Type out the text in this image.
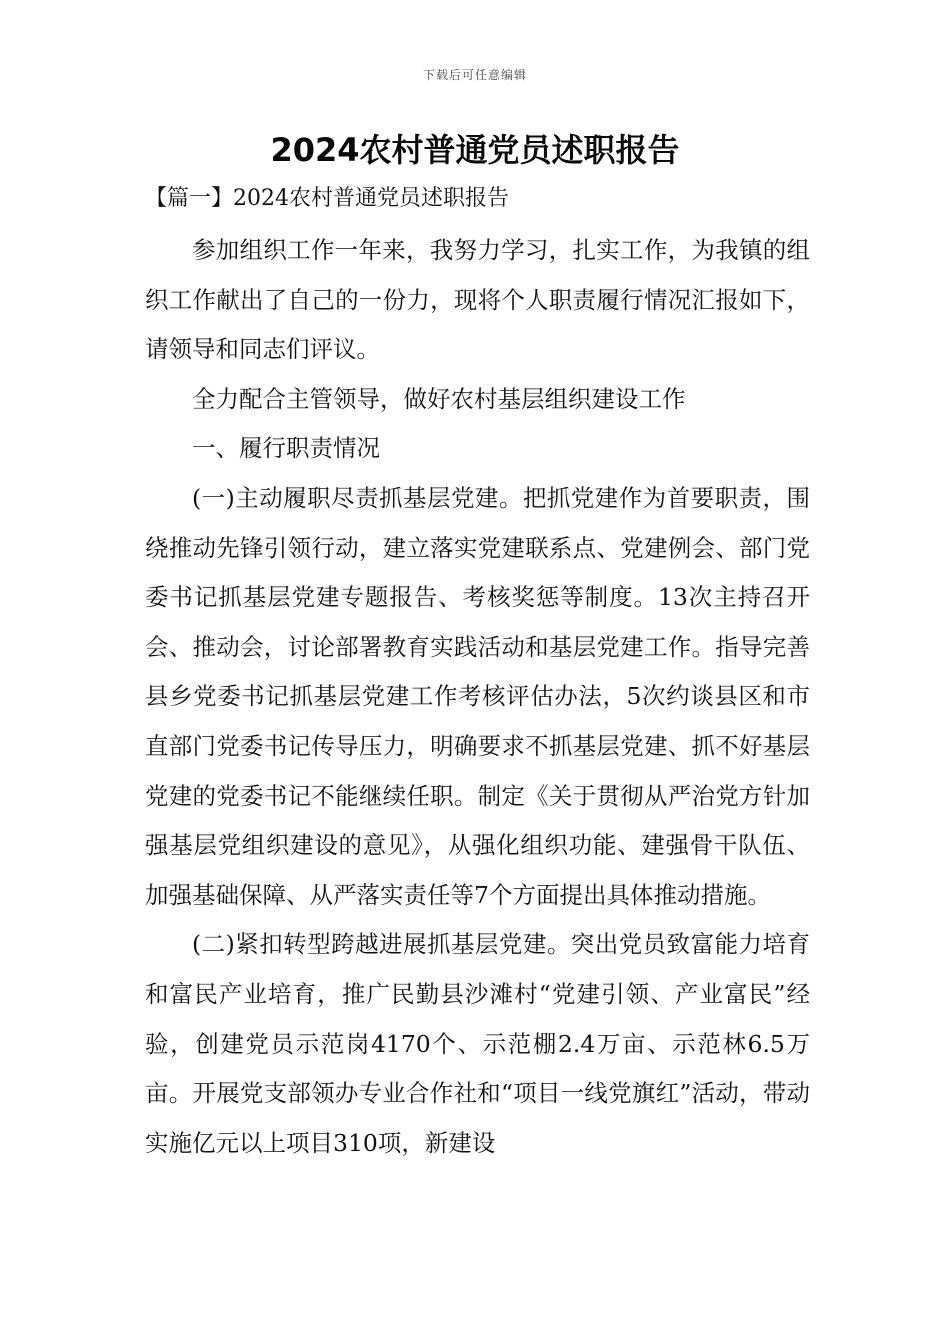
下载后可任意编辑
2024农村普通党员述职报告
【篇一】2024农村普通党员述职报告

参加组织工作一年来，我努力学习，扎实工作，为我镇的组织工作献出了自己的一份力，现将个人职责履行情况汇报如下，请领导和同志们评议。

全力配合主管领导，做好农村基层组织建设工作

一、履行职责情况

(一)主动履职尽责抓基层党建。把抓党建作为首要职责，围绕推动先锋引领行动，建立落实党建联系点、党建例会、部门党委书记抓基层党建专题报告、考核奖惩等制度。13次主持召开会、推动会，讨论部署教育实践活动和基层党建工作。指导完善县乡党委书记抓基层党建工作考核评估办法，5次约谈县区和市直部门党委书记传导压力，明确要求不抓基层党建、抓不好基层党建的党委书记不能继续任职。制定《关于贯彻从严治党方针加强基层党组织建设的意见》，从强化组织功能、建强骨干队伍、加强基础保障、从严落实责任等7个方面提出具体推动措施。

(二)紧扣转型跨越进展抓基层党建。突出党员致富能力培育和富民产业培育，推广民勤县沙滩村“党建引领、产业富民”经验，创建党员示范岗4170个、示范棚2.4万亩、示范林6.5万亩。开展党支部领办专业合作社和“项目一线党旗红”活动，带动实施亿元以上项目310项，新建设
